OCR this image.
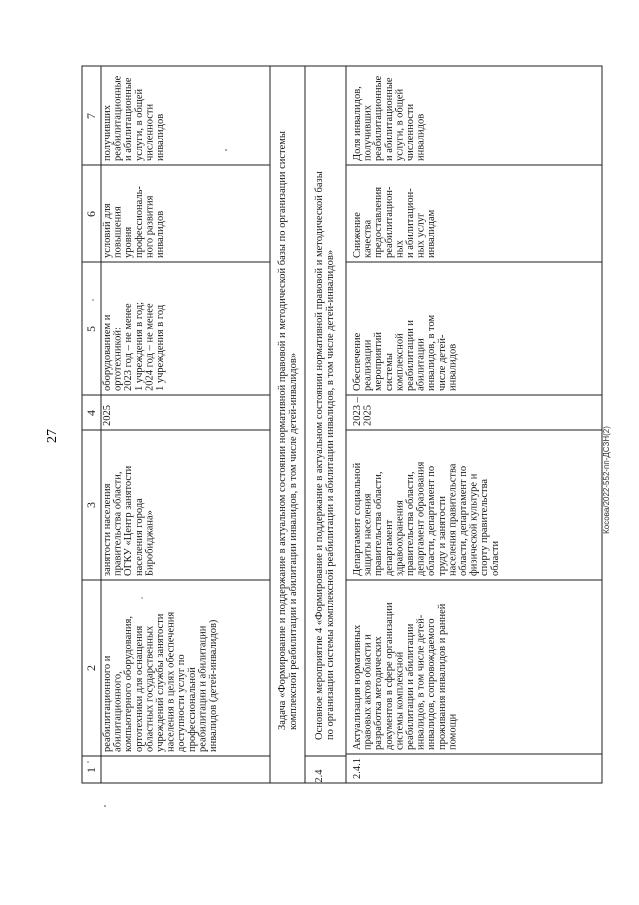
27	Косова/2022-552-пп-ДСЗН(2)
1
2
3
4
5
6
7
реабилитационного и абилитационного, компьютерного оборудования, ортотехники для оснащения областных государственных учреждений службы занятости населения в целях обеспечения доступности услуг по профессиональной реабилитации и абилитации инвалидов (детей-инвалидов)
занятости населения правительства области, ОГКУ «Центр занятости населения города Биробиджана»
2025
оборудованием и ортотехникой: 2023 год – не менее 1 учреждения в год; 2024 год – не менее 1 учреждения в год
условий для повышения уровня профессиональ- ного развития инвалидов
получивших реабилитационные и абилитационные услуги, в общей численности инвалидов	Задача «Формирование и поддержание в актуальном состоянии нормативной правовой и методической базы по организации системы комплексной реабилитации и абилитации инвалидов, в том числе детей-инвалидов»
2.4
Основное мероприятие 4 «Формирование и поддержание в актуальном состоянии нормативной правовой и методической базы по организации системы комплексной реабилитации и абилитации инвалидов, в том числе детей-инвалидов»
2.4.1
Актуализация нормативных правовых актов области и разработка методических документов в сфере организации системы комплексной реабилитации и абилитации инвалидов, в том числе детей- инвалидов, сопровождаемого проживания инвалидов и ранней помощи
Департамент социальной защиты населения правительства области, департамент здравоохранения правительства области, департамент образования области, департамент по труду и занятости населения правительства области, департамент по физической культуре и спорту правительства области
2023 – 2025
Обеспечение реализации мероприятий системы комплексной реабилитации и абилитации инвалидов, в том числе детей- инвалидов
Снижение качества предоставления реабилитацион- ных и абилитацион- ных услуг инвалидам
Доля инвалидов, получивших реабилитационные и абилитационные услуги, в общей численности инвалидов
